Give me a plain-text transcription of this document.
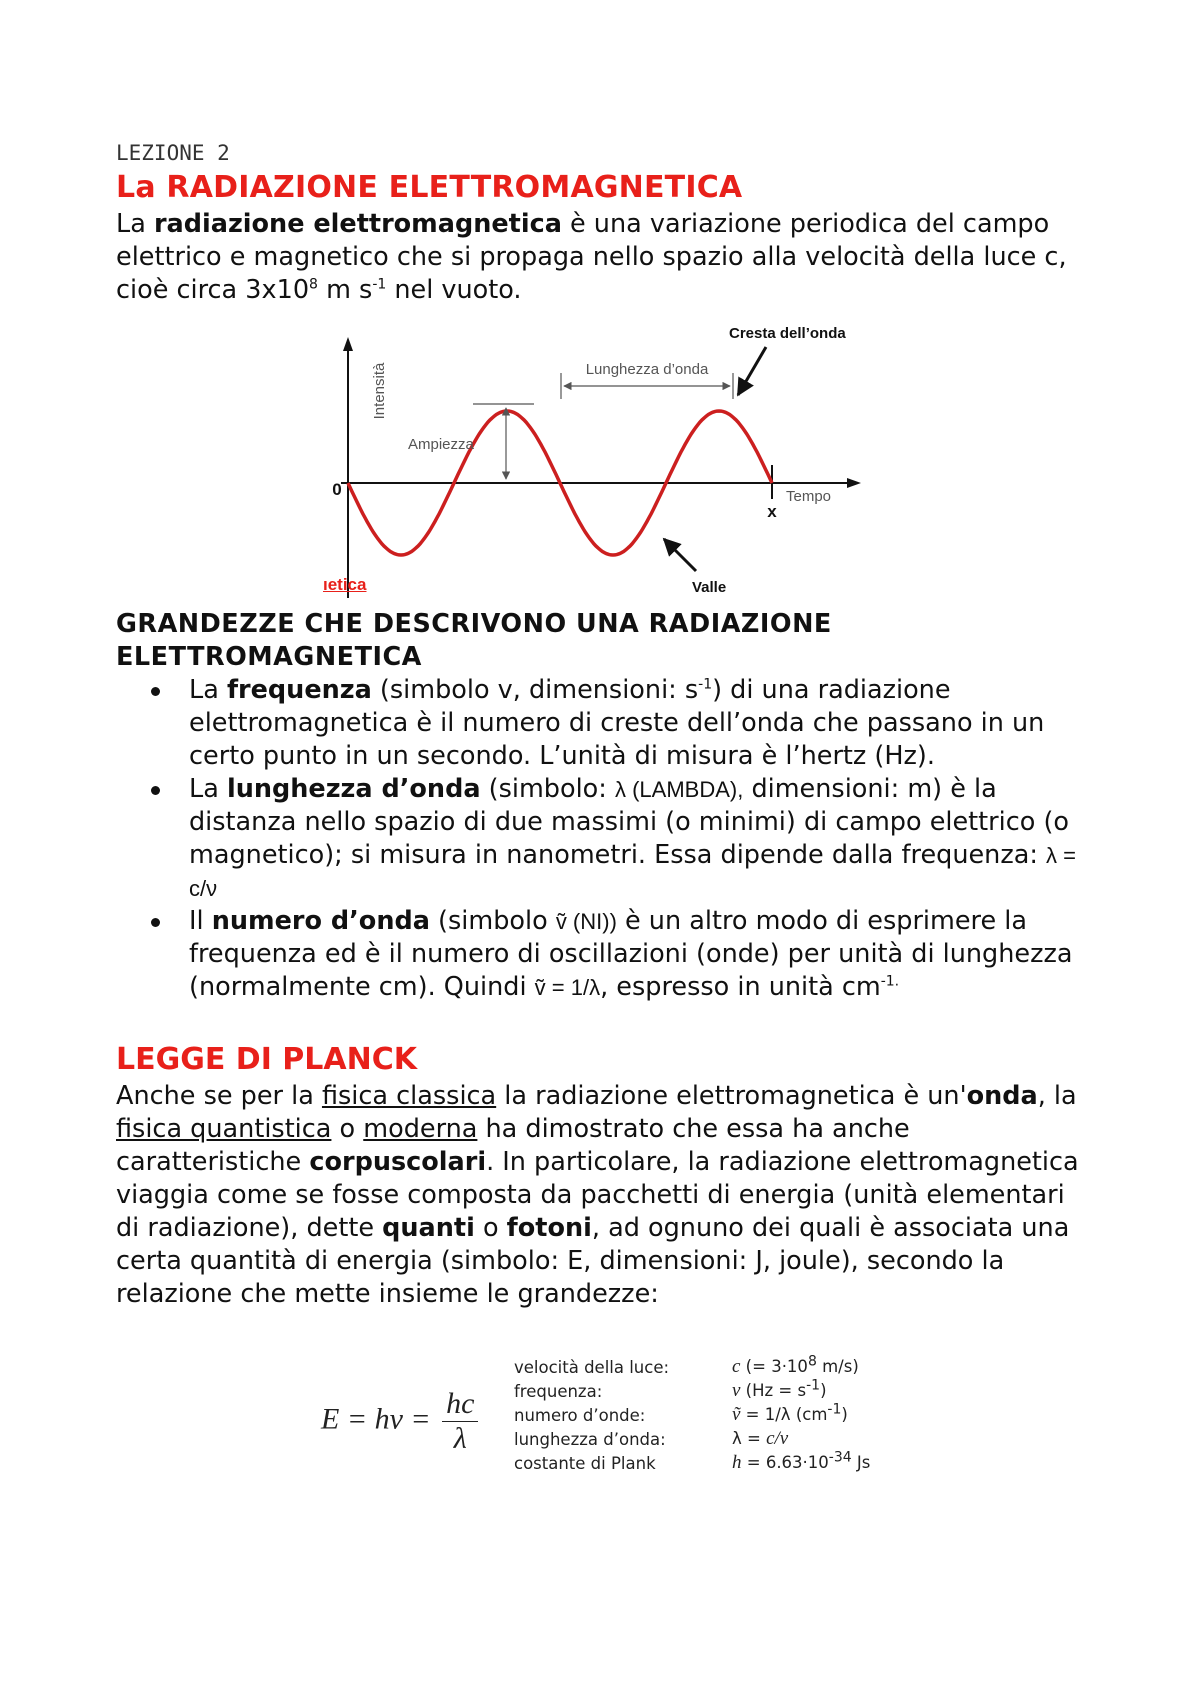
LEZIONE 2
La RADIAZIONE ELETTROMAGNETICA

La radiazione elettromagnetica è una variazione periodica del campo elettrico e magnetico che si propaga nello spazio alla velocità della luce c, cioè circa $3x10^8$ m $s^{-1}$ nel vuoto.

Intensità
0
x
Tempo
Ampiezza
Lunghezza d’onda
Cresta dell’onda
Valle
ıetica
GRANDEZZE CHE DESCRIVONO UNA RADIAZIONE ELETTROMAGNETICA
La frequenza (simbolo v, dimensioni: $s^{-1}$) di una radiazione elettromagnetica è il numero di creste dell’onda che passano in un certo punto in un secondo. L’unità di misura è l’hertz (Hz).
La lunghezza d’onda (simbolo: λ (LAMBDA), dimensioni: m) è la distanza nello spazio di due massimi (o minimi) di campo elettrico (o magnetico); si misura in nanometri. Essa dipende dalla frequenza: λ = c/ν
Il numero d’onda (simbolo ṽ (NI)) è un altro modo di esprimere la frequenza ed è il numero di oscillazioni (onde) per unità di lunghezza (normalmente cm). Quindi ṽ = 1/λ, espresso in unità $cm^{-1.}$
LEGGE DI PLANCK

Anche se per la fisica classica la radiazione elettromagnetica è un'onda, la fisica quantistica o moderna ha dimostrato che essa ha anche caratteristiche corpuscolari. In particolare, la radiazione elettromagnetica viaggia come se fosse composta da pacchetti di energia (unità elementari di radiazione), dette quanti o fotoni, ad ognuno dei quali è associata una certa quantità di energia (simbolo: E, dimensioni: J, joule), secondo la relazione che mette insieme le grandezze:

E = hv = $\frac{hc}{\lambda}$
velocità della luce:	c (= $3\cdot 10^8$ m/s)
frequenza:	ν $(Hz = s^{-1})$
numero d’onde:	ṽ = 1/λ $(cm^{-1})$
lunghezza d’onda:	λ = c/v
costante di Plank	$h = 6.63\cdot 10^{-34}$ Js
